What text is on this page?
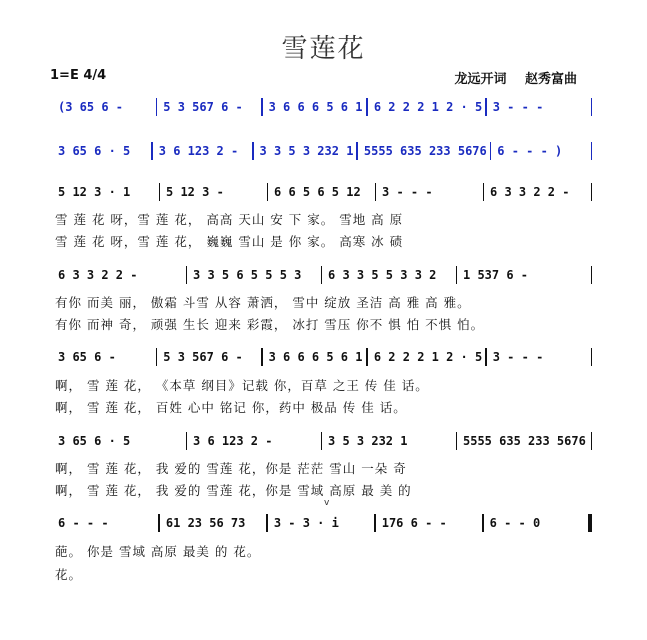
雪莲花
1=E 4/4	龙远开词 赵秀富曲
(3 65 6 -	5 3 567 6 -	3 6 6 6 5 6 1 6 2 2 2 1 2 · 5 3 - - -
3 65 6 · 5	3 6 123 2 -	3 3 5 3 232 1 5555 635 233 5676 6 - - - )
5 12 3 · 1	5 12 3 -	6 6 5 6 5 12	3 - - -	6 3 3 2 2 -
6 3 3 2 2 -	3 3 5 6 5 5 5 3	6 3 3 5 5 3 3 2	1 537 6 -
3 65 6 -	5 3 567 6 -	3 6 6 6 5 6 1 6 2 2 2 1 2 · 5 3 - - -
3 65 6 · 5	3 6 123 2 -	3 5 3 232 1	5555 635 233 5676
6 - - -	61 23 56 73	3 - 3 · i	176 6 - -	6 - - 0
雪 莲 花 呀，雪 莲 花， 高高 天山 安 下 家。 雪地 高 原
雪 莲 花 呀，雪 莲 花， 巍巍 雪山 是 你 家。 高寒 冰 碛
有你 而美 丽， 傲霜 斗雪 从容 萧洒， 雪中 绽放 圣洁 高 雅 高 雅。
有你 而神 奇， 顽强 生长 迎来 彩霞， 冰打 雪压 你不 惧 怕 不惧 怕。
啊， 雪 莲 花， 《本草 纲目》记载 你，百草 之王 传 佳 话。
啊， 雪 莲 花， 百姓 心中 铭记 你，药中 极品 传 佳 话。
啊， 雪 莲 花， 我 爱的 雪莲 花，你是 茫茫 雪山 一朵 奇
啊， 雪 莲 花， 我 爱的 雪莲 花，你是 雪域 高原 最 美 的
葩。 你是 雪域 高原 最美 的 花。
花。
v
